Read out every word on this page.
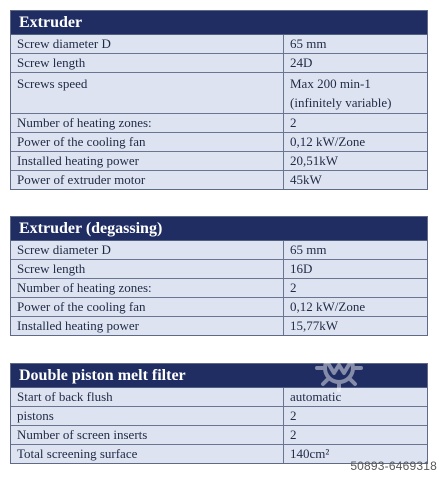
Extruder
Screw diameter D	65 mm
Screw length	24D
Screws speed	Max 200 min-1
(infinitely variable)
Number of heating zones:	2
Power of the cooling fan	0,12 kW/Zone
Installed heating power	20,51kW
Power of extruder motor	45kW
Extruder (degassing)
Screw diameter D	65 mm
Screw length	16D
Number of heating zones:	2
Power of the cooling fan	0,12 kW/Zone
Installed heating power	15,77kW
Double piston melt filter
Start of back flush	automatic
pistons	2
Number of screen inserts	2
Total screening surface	140cm²
50893-6469318
